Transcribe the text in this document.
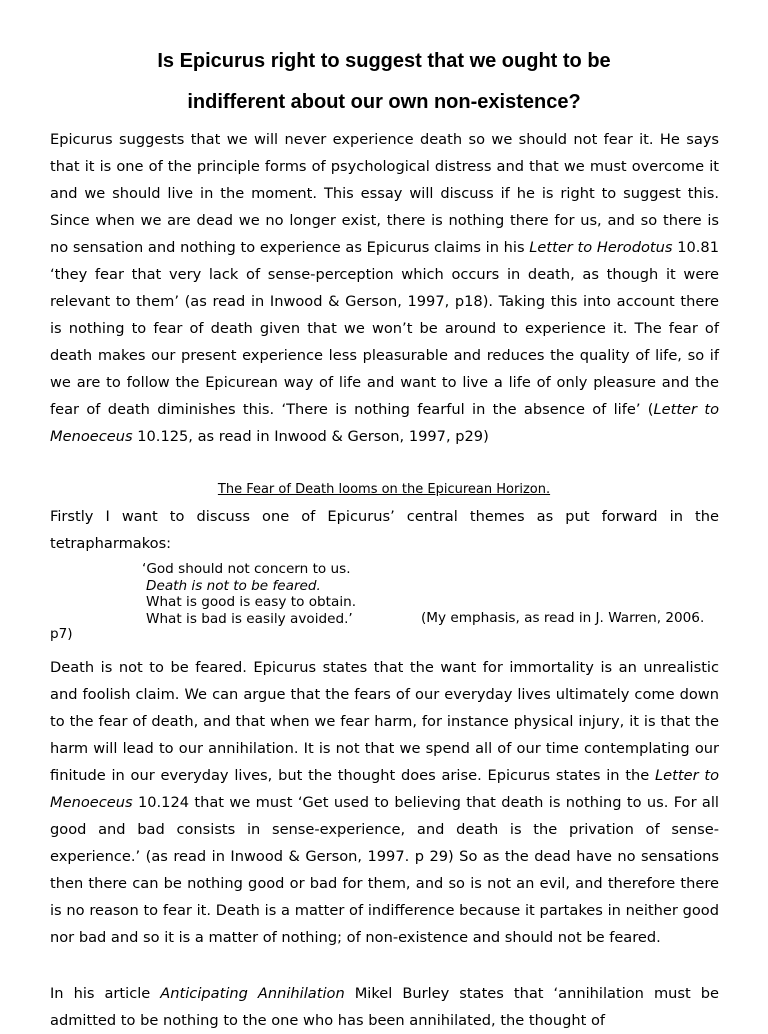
Is Epicurus right to suggest that we ought to be
indifferent about our own non-existence?

Epicurus suggests that we will never experience death so we should not fear it. He says that it is one of the principle forms of psychological distress and that we must overcome it and we should live in the moment. This essay will discuss if he is right to suggest this. Since when we are dead we no longer exist, there is nothing there for us, and so there is no sensation and nothing to experience as Epicurus claims in his Letter to Herodotus 10.81 ‘they fear that very lack of sense-perception which occurs in death, as though it were relevant to them’ (as read in Inwood & Gerson, 1997, p18). Taking this into account there is nothing to fear of death given that we won’t be around to experience it. The fear of death makes our present experience less pleasurable and reduces the quality of life, so if we are to follow the Epicurean way of life and want to live a life of only pleasure and the fear of death diminishes this. ‘There is nothing fearful in the absence of life’ (Letter to Menoeceus 10.125, as read in Inwood & Gerson, 1997, p29)

The Fear of Death looms on the Epicurean Horizon.

Firstly I want to discuss one of Epicurus’ central themes as put forward in the tetrapharmakos:

‘God should not concern to us.
Death is not to be feared.
What is good is easy to obtain.
What is bad is easily avoided.’	(My emphasis, as read in J. Warren, 2006.
p7)

Death is not to be feared. Epicurus states that the want for immortality is an unrealistic and foolish claim. We can argue that the fears of our everyday lives ultimately come down to the fear of death, and that when we fear harm, for instance physical injury, it is that the harm will lead to our annihilation. It is not that we spend all of our time contemplating our finitude in our everyday lives, but the thought does arise. Epicurus states in the Letter to Menoeceus 10.124 that we must ‘Get used to believing that death is nothing to us. For all good and bad consists in sense-experience, and death is the privation of sense-experience.’ (as read in Inwood & Gerson, 1997. p 29) So as the dead have no sensations then there can be nothing good or bad for them, and so is not an evil, and therefore there is no reason to fear it. Death is a matter of indifference because it partakes in neither good nor bad and so it is a matter of nothing; of non-existence and should not be feared.

In his article Anticipating Annihilation Mikel Burley states that ‘annihilation must be admitted to be nothing to the one who has been annihilated, the thought of
